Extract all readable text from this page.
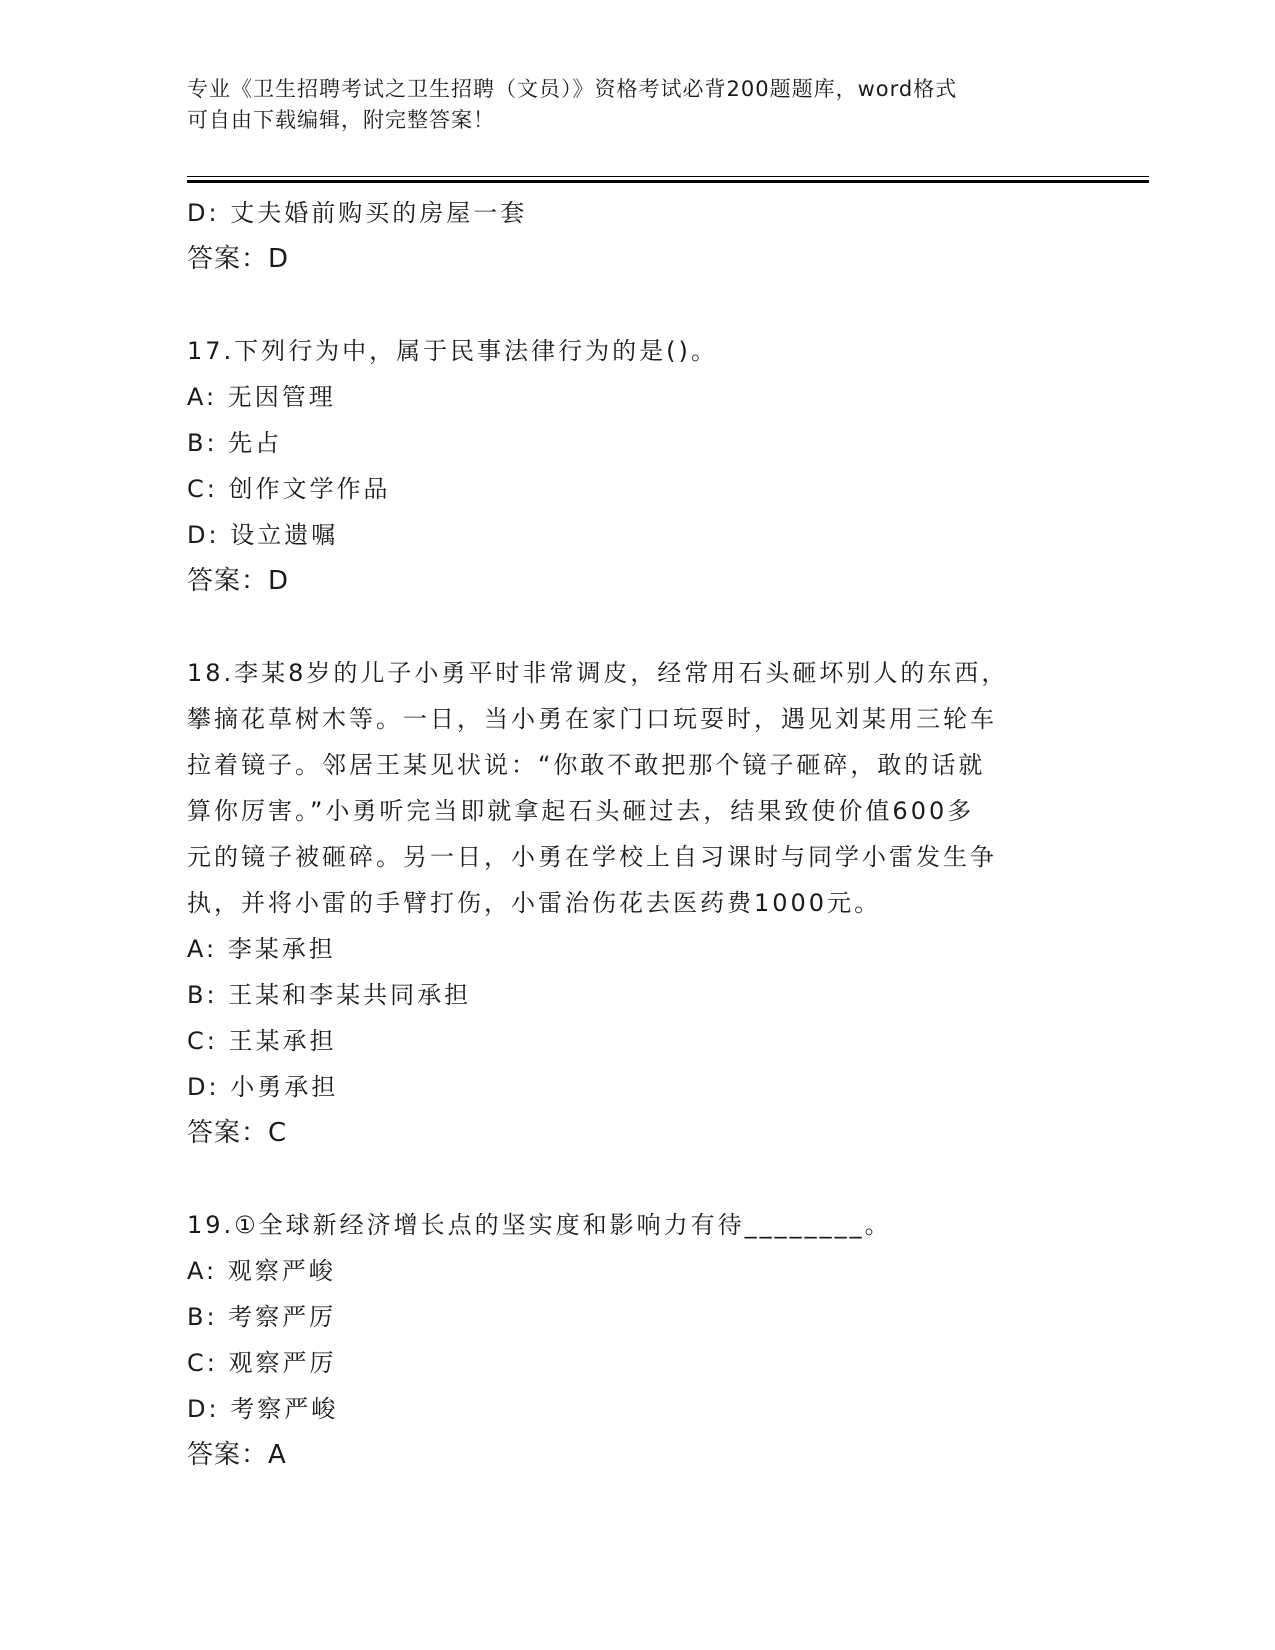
专业《卫生招聘考试之卫生招聘（文员）》资格考试必背200题题库，word格式
可自由下载编辑，附完整答案！
D: 丈夫婚前购买的房屋一套
答案：D
17.下列行为中，属于民事法律行为的是()。
A: 无因管理
B: 先占
C: 创作文学作品
D: 设立遗嘱
答案：D
18.李某8岁的儿子小勇平时非常调皮，经常用石头砸坏别人的东西，
攀摘花草树木等。一日，当小勇在家门口玩耍时，遇见刘某用三轮车
拉着镜子。邻居王某见状说：“你敢不敢把那个镜子砸碎，敢的话就
算你厉害。”小勇听完当即就拿起石头砸过去，结果致使价值600多
元的镜子被砸碎。另一日，小勇在学校上自习课时与同学小雷发生争
执，并将小雷的手臂打伤，小雷治伤花去医药费1000元。
A: 李某承担
B: 王某和李某共同承担
C: 王某承担
D: 小勇承担
答案：C
19.①全球新经济增长点的坚实度和影响力有待________。
A: 观察严峻
B: 考察严厉
C: 观察严厉
D: 考察严峻
答案：A
